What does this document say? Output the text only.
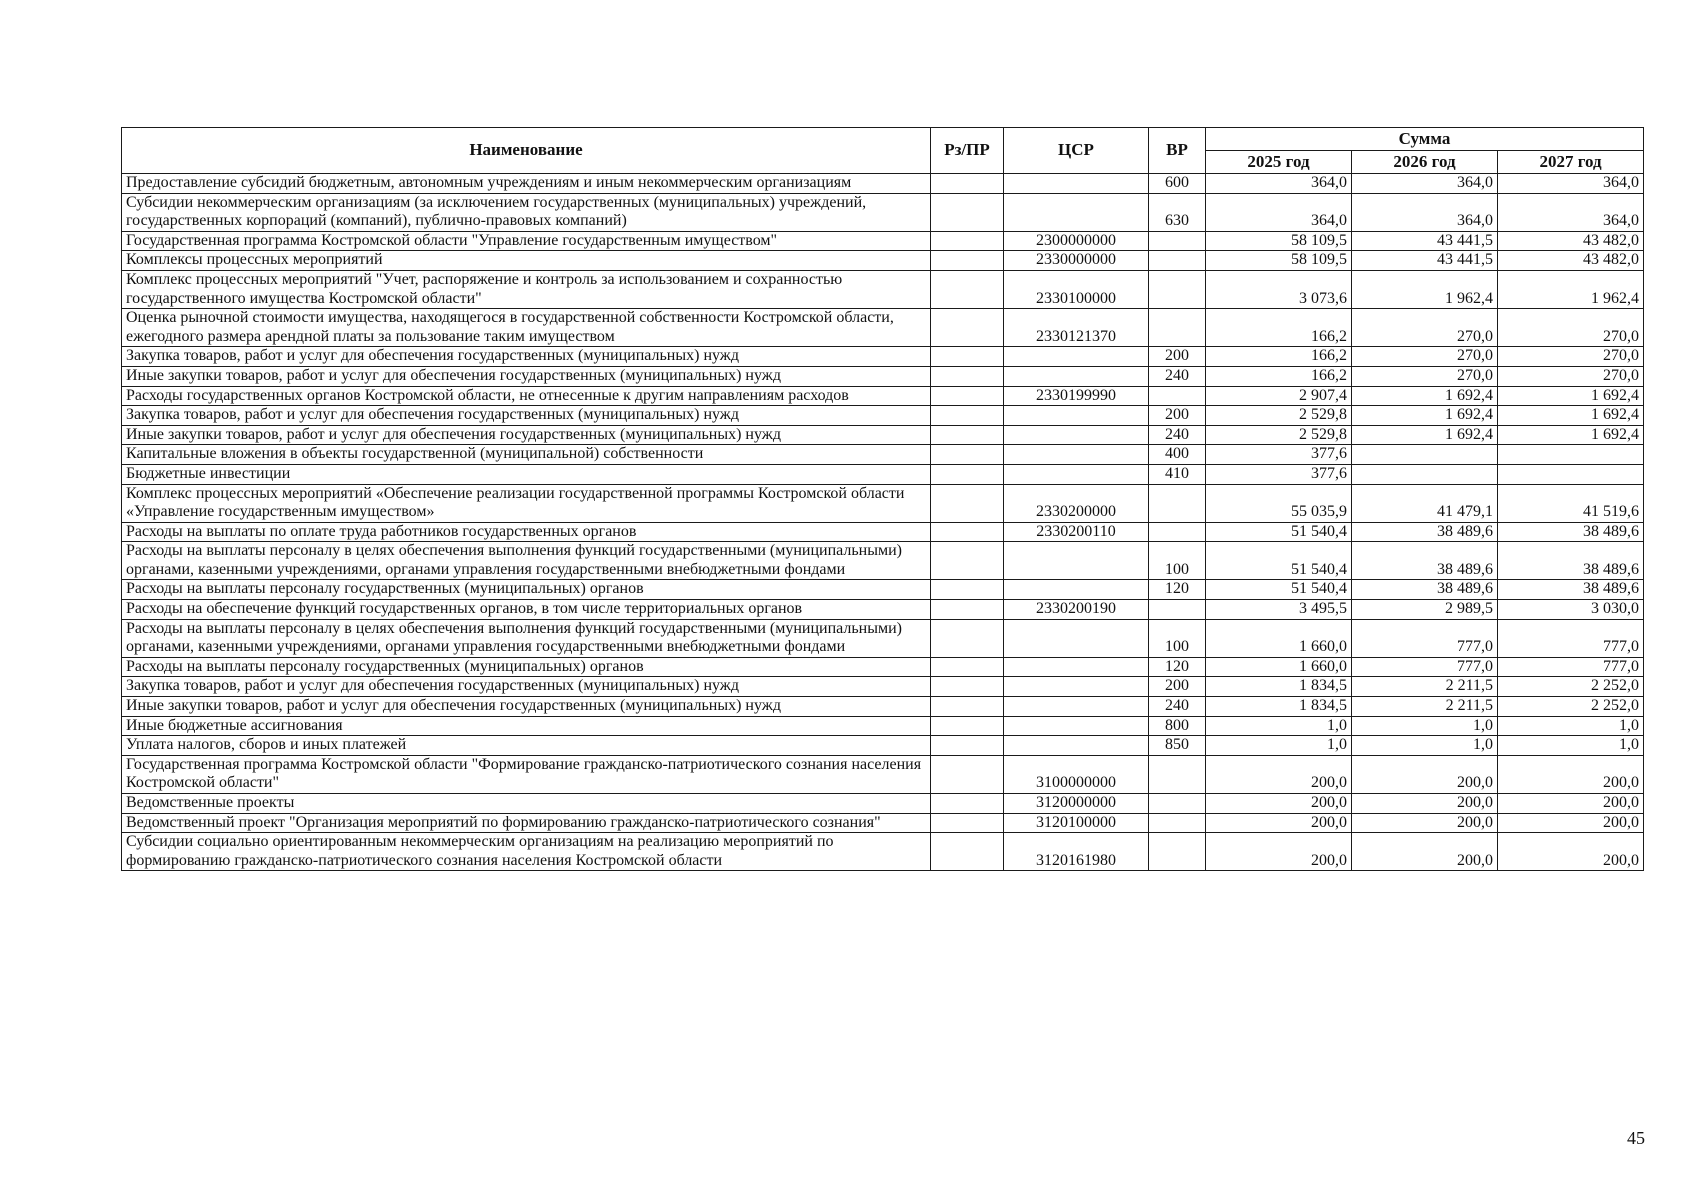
Наименование	Рз/ПР	ЦСР	ВР	Сумма		
				2025 год	2026 год	2027 год
Предоставление субсидий бюджетным, автономным учреждениям и иным некоммерческим организациям			600	364,0	364,0	364,0
Субсидии некоммерческим организациям (за исключением государственных (муниципальных) учреждений, государственных корпораций (компаний), публично-правовых компаний)			630	364,0	364,0	364,0
Государственная программа Костромской области "Управление государственным имуществом"		2300000000		58 109,5	43 441,5	43 482,0
Комплексы процессных мероприятий		2330000000		58 109,5	43 441,5	43 482,0
Комплекс процессных мероприятий "Учет, распоряжение и контроль за использованием и сохранностью государственного имущества Костромской области"		2330100000		3 073,6	1 962,4	1 962,4
Оценка рыночной стоимости имущества, находящегося в государственной собственности Костромской области, ежегодного размера арендной платы за пользование таким имуществом		2330121370		166,2	270,0	270,0
Закупка товаров, работ и услуг для обеспечения государственных (муниципальных) нужд			200	166,2	270,0	270,0
Иные закупки товаров, работ и услуг для обеспечения государственных (муниципальных) нужд			240	166,2	270,0	270,0
Расходы государственных органов Костромской области, не отнесенные к другим направлениям расходов		2330199990		2 907,4	1 692,4	1 692,4
Закупка товаров, работ и услуг для обеспечения государственных (муниципальных) нужд			200	2 529,8	1 692,4	1 692,4
Иные закупки товаров, работ и услуг для обеспечения государственных (муниципальных) нужд			240	2 529,8	1 692,4	1 692,4
Капитальные вложения в объекты государственной (муниципальной) собственности			400	377,6		
Бюджетные инвестиции			410	377,6		
Комплекс процессных мероприятий «Обеспечение реализации государственной программы Костромской области «Управление государственным имуществом»		2330200000		55 035,9	41 479,1	41 519,6
Расходы на выплаты по оплате труда работников государственных органов		2330200110		51 540,4	38 489,6	38 489,6
Расходы на выплаты персоналу в целях обеспечения выполнения функций государственными (муниципальными) органами, казенными учреждениями, органами управления государственными внебюджетными фондами			100	51 540,4	38 489,6	38 489,6
Расходы на выплаты персоналу государственных (муниципальных) органов			120	51 540,4	38 489,6	38 489,6
Расходы на обеспечение функций государственных органов, в том числе территориальных органов		2330200190		3 495,5	2 989,5	3 030,0
Расходы на выплаты персоналу в целях обеспечения выполнения функций государственными (муниципальными) органами, казенными учреждениями, органами управления государственными внебюджетными фондами			100	1 660,0	777,0	777,0
Расходы на выплаты персоналу государственных (муниципальных) органов			120	1 660,0	777,0	777,0
Закупка товаров, работ и услуг для обеспечения государственных (муниципальных) нужд			200	1 834,5	2 211,5	2 252,0
Иные закупки товаров, работ и услуг для обеспечения государственных (муниципальных) нужд			240	1 834,5	2 211,5	2 252,0
Иные бюджетные ассигнования			800	1,0	1,0	1,0
Уплата налогов, сборов и иных платежей			850	1,0	1,0	1,0
Государственная программа Костромской области "Формирование гражданско-патриотического сознания населения Костромской области"		3100000000		200,0	200,0	200,0
Ведомственные проекты		3120000000		200,0	200,0	200,0
Ведомственный проект "Организация мероприятий по формированию гражданско-патриотического сознания"		3120100000		200,0	200,0	200,0
Субсидии социально ориентированным некоммерческим организациям на реализацию мероприятий по формированию гражданско-патриотического сознания населения Костромской области		3120161980		200,0	200,0	200,0
45
